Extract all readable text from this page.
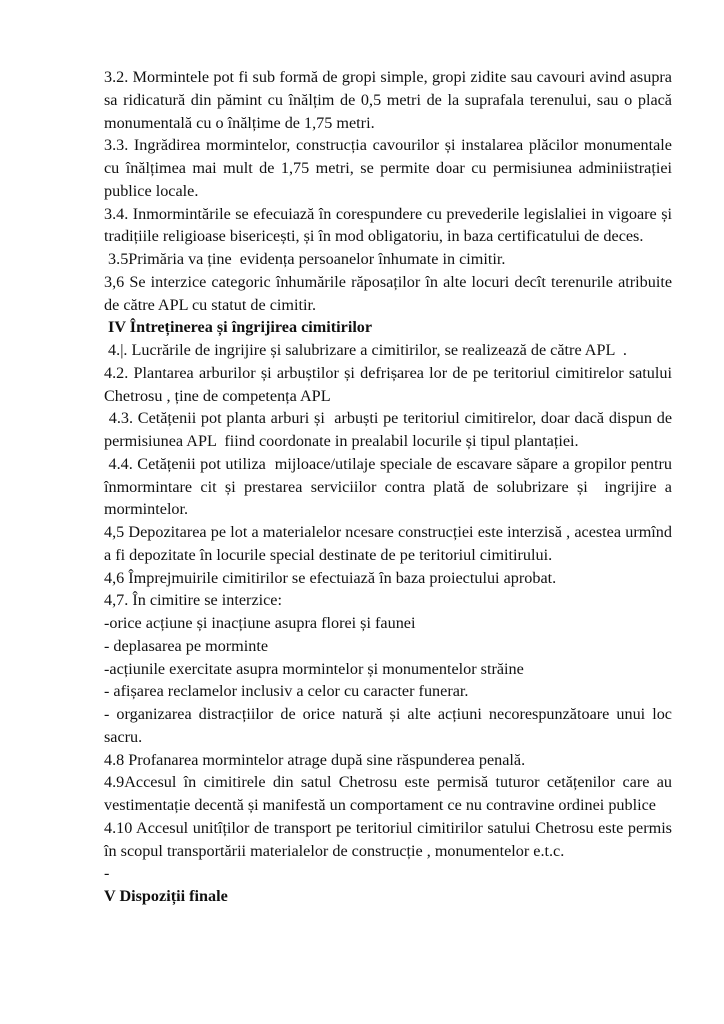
3.2. Mormintele pot fi sub formă de gropi simple, gropi zidite sau cavouri avind asupra sa ridicatură din pămint cu înălțim de 0,5 metri de la suprafala terenului, sau o placă monumentală cu o înălțime de 1,75 metri.

3.3. Ingrădirea mormintelor, construcția cavourilor și instalarea plăcilor monumentale cu înălțimea mai mult de 1,75 metri, se permite doar cu permisiunea adminiistrației publice locale.

3.4. Inmormintările se efecuiază în corespundere cu prevederile legislaliei in vigoare și tradițiile religioase bisericești, și în mod obligatoriu, in baza certificatului de deces.

3.5Primăria va ține  evidența persoanelor înhumate in cimitir.

3,6 Se interzice categoric înhumările răposaților în alte locuri decît terenurile atribuite de către APL cu statut de cimitir.

IV Întreținerea și îngrijirea cimitirilor

4.|. Lucrările de ingrijire și salubrizare a cimitirilor, se realizează de către APL  .

4.2. Plantarea arburilor și arbuștilor și defrișarea lor de pe teritoriul cimitirelor satului Chetrosu , ține de competența APL

4.3. Cetățenii pot planta arburi și  arbuști pe teritoriul cimitirelor, doar dacă dispun de permisiunea APL  fiind coordonate in prealabil locurile și tipul plantației.

4.4. Cetățenii pot utiliza  mijloace/utilaje speciale de escavare săpare a gropilor pentru înmormintare cit și prestarea serviciilor contra plată de solubrizare și  ingrijire a mormintelor.

4,5 Depozitarea pe lot a materialelor ncesare construcției este interzisă , acestea urmînd a fi depozitate în locurile special destinate de pe teritoriul cimitirului.

4,6 Împrejmuirile cimitirilor se efectuiază în baza proiectului aprobat.

4,7. În cimitire se interzice:

-orice acțiune și inacțiune asupra florei și faunei

- deplasarea pe morminte

-acțiunile exercitate asupra mormintelor și monumentelor străine

- afișarea reclamelor inclusiv a celor cu caracter funerar.

- organizarea distracțiilor de orice natură și alte acțiuni necorespunzătoare unui loc sacru.

4.8 Profanarea mormintelor atrage după sine răspunderea penală.

4.9Accesul în cimitirele din satul Chetrosu este permisă tuturor cetățenilor care au vestimentație decentă și manifestă un comportament ce nu contravine ordinei publice

4.10 Accesul unitîților de transport pe teritoriul cimitirilor satului Chetrosu este permis în scopul transportării materialelor de construcție , monumentelor e.t.c.

-

V Dispoziții finale
